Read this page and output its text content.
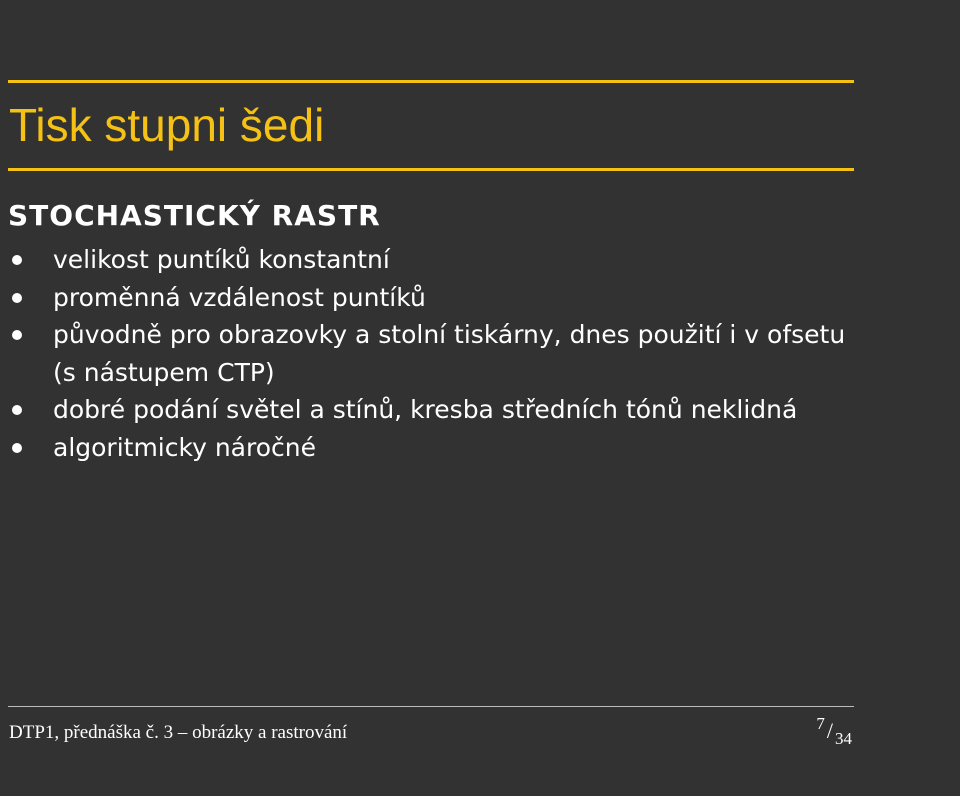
Tisk stupni šedi
STOCHASTICKÝ RASTR
velikost puntíků konstantní
proměnná vzdálenost puntíků
původně pro obrazovky a stolní tiskárny, dnes použití i v ofsetu (s nástupem CTP)
dobré podání světel a stínů, kresba středních tónů neklidná
algoritmicky náročné
DTP1, přednáška č. 3 – obrázky a rastrování	7/ 34
